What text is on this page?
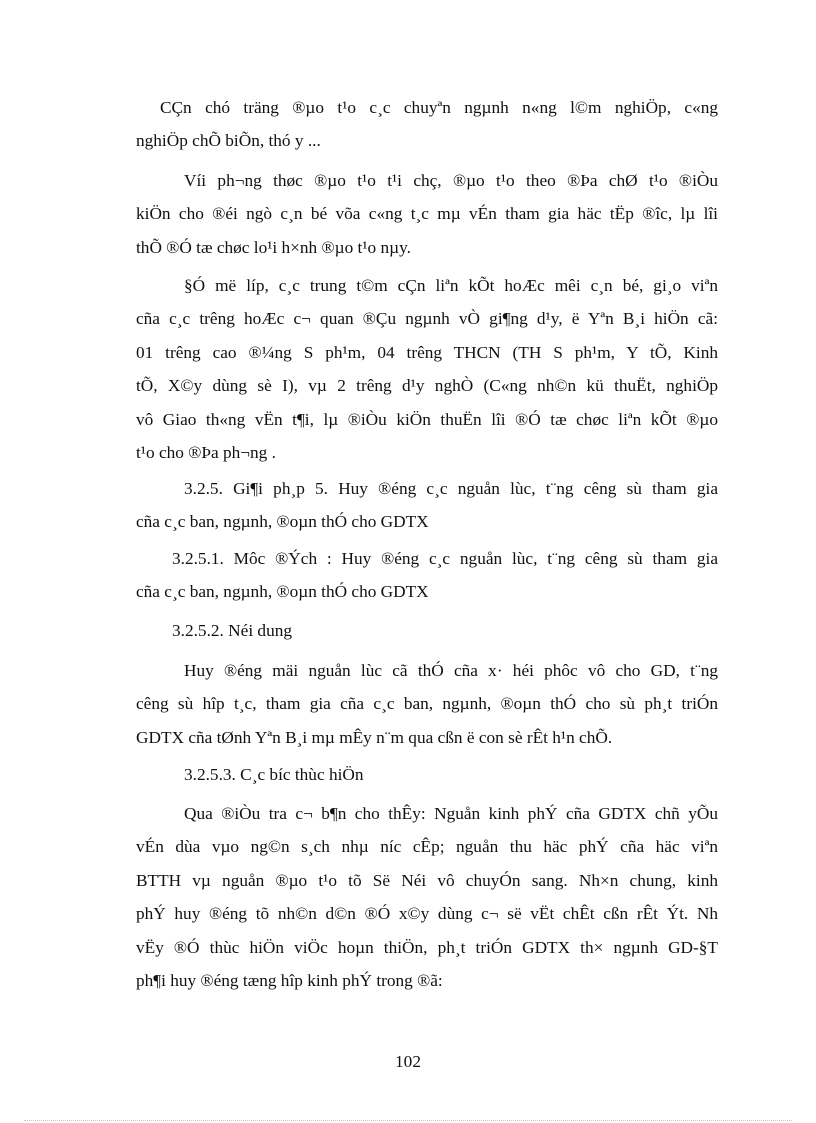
CÇn chó träng ®µo t¹o c¸c chuyªn ngµnh n«ng l©m nghiÖp, c«ng
nghiÖp chÕ biÕn, thó y ...
Víi ph¬ng thøc ®µo t¹o t¹i chç, ®µo t¹o theo ®Þa chØ t¹o ®iÒu
kiÖn cho ®éi ngò c¸n bé võa c«ng t¸c mµ vÉn tham gia häc tËp ®îc, lµ lîi
thÕ ®Ó tæ chøc lo¹i h×nh ®µo t¹o nµy.
§Ó më líp, c¸c trung t©m cÇn liªn kÕt hoÆc mêi c¸n bé, gi¸o viªn
cña c¸c trêng hoÆc c¬ quan ®Çu ngµnh vÒ gi¶ng d¹y, ë Yªn B¸i hiÖn cã:
01 trêng cao ®¼ng S ph¹m, 04 trêng THCN (TH S ph¹m, Y tÕ, Kinh
tÕ, X©y dùng sè I), vµ 2 trêng d¹y nghÒ (C«ng nh©n kü thuËt, nghiÖp
vô Giao th«ng vËn t¶i, lµ ®iÒu kiÖn thuËn lîi ®Ó tæ chøc liªn kÕt ®µo
t¹o cho ®Þa ph¬ng .
3.2.5. Gi¶i ph¸p 5. Huy ®éng c¸c nguån lùc, t¨ng cêng sù tham gia
cña c¸c ban, ngµnh, ®oµn thÓ cho GDTX
3.2.5.1. Môc ®Ých : Huy ®éng c¸c nguån lùc, t¨ng cêng sù tham gia
cña c¸c ban, ngµnh, ®oµn thÓ cho GDTX
3.2.5.2. Néi dung
Huy ®éng mäi nguån lùc cã thÓ cña x· héi phôc vô cho GD, t¨ng
cêng sù hîp t¸c, tham gia cña c¸c ban, ngµnh, ®oµn thÓ cho sù ph¸t triÓn
GDTX cña tØnh Yªn B¸i mµ mÊy n¨m qua cßn ë con sè rÊt h¹n chÕ.
3.2.5.3. C¸c bíc thùc hiÖn
Qua ®iÒu tra c¬ b¶n cho thÊy: Nguån kinh phÝ cña GDTX chñ yÕu
vÉn dùa vµo ng©n s¸ch nhµ níc cÊp; nguån thu häc phÝ cña häc viªn
BTTH vµ nguån ®µo t¹o tõ Së Néi vô chuyÓn sang. Nh×n chung, kinh
phÝ huy ®éng tõ nh©n d©n ®Ó x©y dùng c¬ së vËt chÊt cßn rÊt Ýt. Nh
vËy ®Ó thùc hiÖn viÖc hoµn thiÖn, ph¸t triÓn GDTX th× ngµnh GD-§T
ph¶i huy ®éng tæng hîp kinh phÝ trong ®ã:
102
